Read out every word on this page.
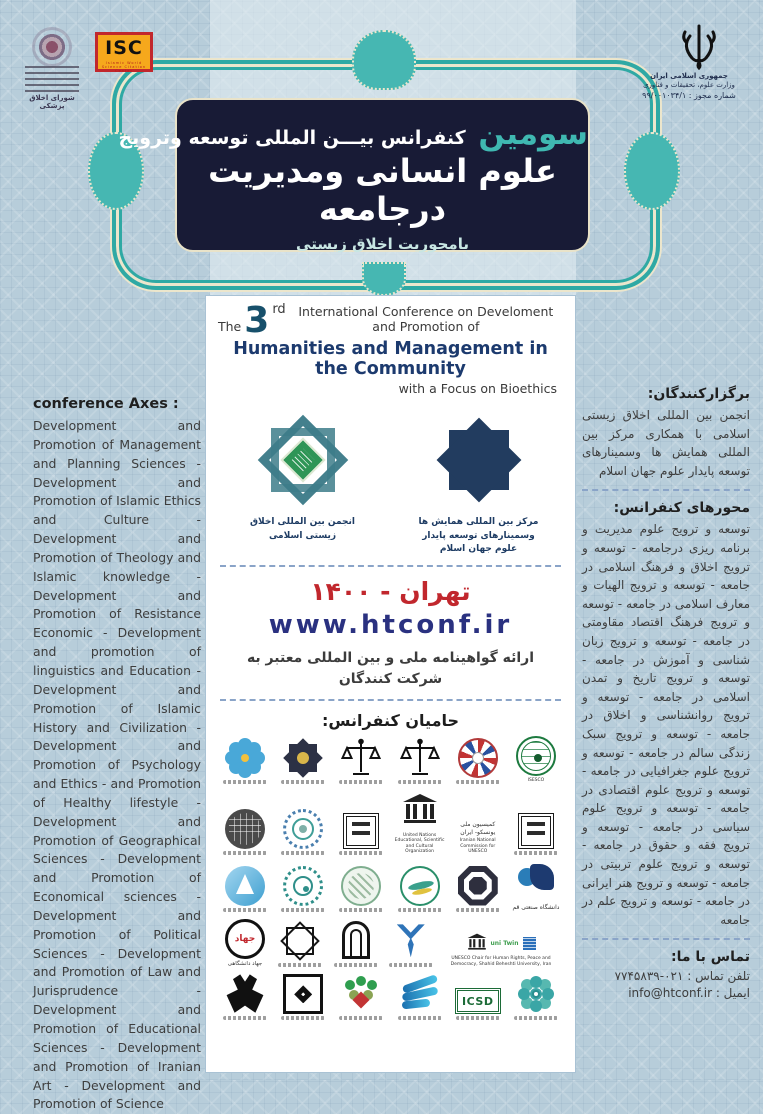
شورای اخلاق پزشکی
ISC
Islamic World Science Citation Center
جمهوری اسلامی ایران
وزارت علوم، تحقیقات و فناوری
شماره مجوز : ۹۹/۰۰۱۰۳۴/۱
سومین کنفرانس بیـــن المللی توسعه وترویج
علوم انسانی ومدیریت درجامعه
بامحوریت اخلاق زیستی
The 3 rd	International Conference on Develoment and Promotion of
Humanities and Management in the Community
with a Focus on Bioethics
انجمن بین المللی اخلاق زیستی اسلامی
مرکز بین المللی همایش ها وسمینارهای توسعه پایدار علوم جهان اسلام
تهران - ۱۴۰۰
www.htconf.ir
ارائه گواهینامه ملی و بین المللی معتبر به
شرکت کنندگان
حامیان کنفرانس:
ISESCO
United Nations Educational, Scientific and Cultural Organization
کمیسیون ملی یونسکو- ایران
Iranian National Commission for UNESCO
دانشگاه صنعتی قم
جهاد
جهاد دانشگاهی
uni Twin
UNESCO Chair for Human Rights, Peace and Democracy, Shahid Beheshti University, Iran
ICSD
conference Axes :
Development and Promotion of Management and Planning Sciences - Development and Promotion of Islamic Ethics and Culture - Development and Promotion of Theology and Islamic knowledge - Development and Promotion of Resistance Economic - Development and promotion of linguistics and Education - Development and Promotion of Islamic History and Civilization - Development and Promotion of Psychology and Ethics - and Promotion of Healthy lifestyle - Development and Promotion of Geographical Sciences - Development and Promotion of Economical sciences - Development and Promotion of Political Sciences - Development and Promotion of Law and Jurisprudence - Development and Promotion of Educational Sciences - Development and Promotion of Iranian Art - Development and Promotion of Science
برگزارکنندگان:
انجمن بین المللی اخلاق زیستی اسلامی با همکاری مرکز بین المللی همایش ها وسمینارهای توسعه پایدار علوم جهان اسلام
محورهای کنفرانس:
توسعه و ترویج علوم مدیریت و برنامه ریزی درجامعه - توسعه و ترویج اخلاق و فرهنگ اسلامی در جامعه - توسعه و ترویج الهیات و معارف اسلامی در جامعه - توسعه و ترویج فرهنگ اقتصاد مقاومتی در جامعه - توسعه و ترویج زبان شناسی و آموزش در جامعه - توسعه و ترویج تاریخ و تمدن اسلامی در جامعه - توسعه و ترویج روانشناسی و اخلاق در جامعه - توسعه و ترویج سبک زندگی سالم در جامعه - توسعه و ترویج علوم جغرافیایی در جامعه - توسعه و ترویج علوم اقتصادی در جامعه - توسعه و ترویج علوم سیاسی در جامعه - توسعه و ترویج فقه و حقوق در جامعه - توسعه و ترویج علوم تربیتی در جامعه - توسعه و ترویج هنر ایرانی در جامعه - توسعه و ترویج علم در جامعه
تماس با ما:
تلفن تماس : ۰۲۱-۷۷۴۵۸۳۹
ایمیل : info@htconf.ir
